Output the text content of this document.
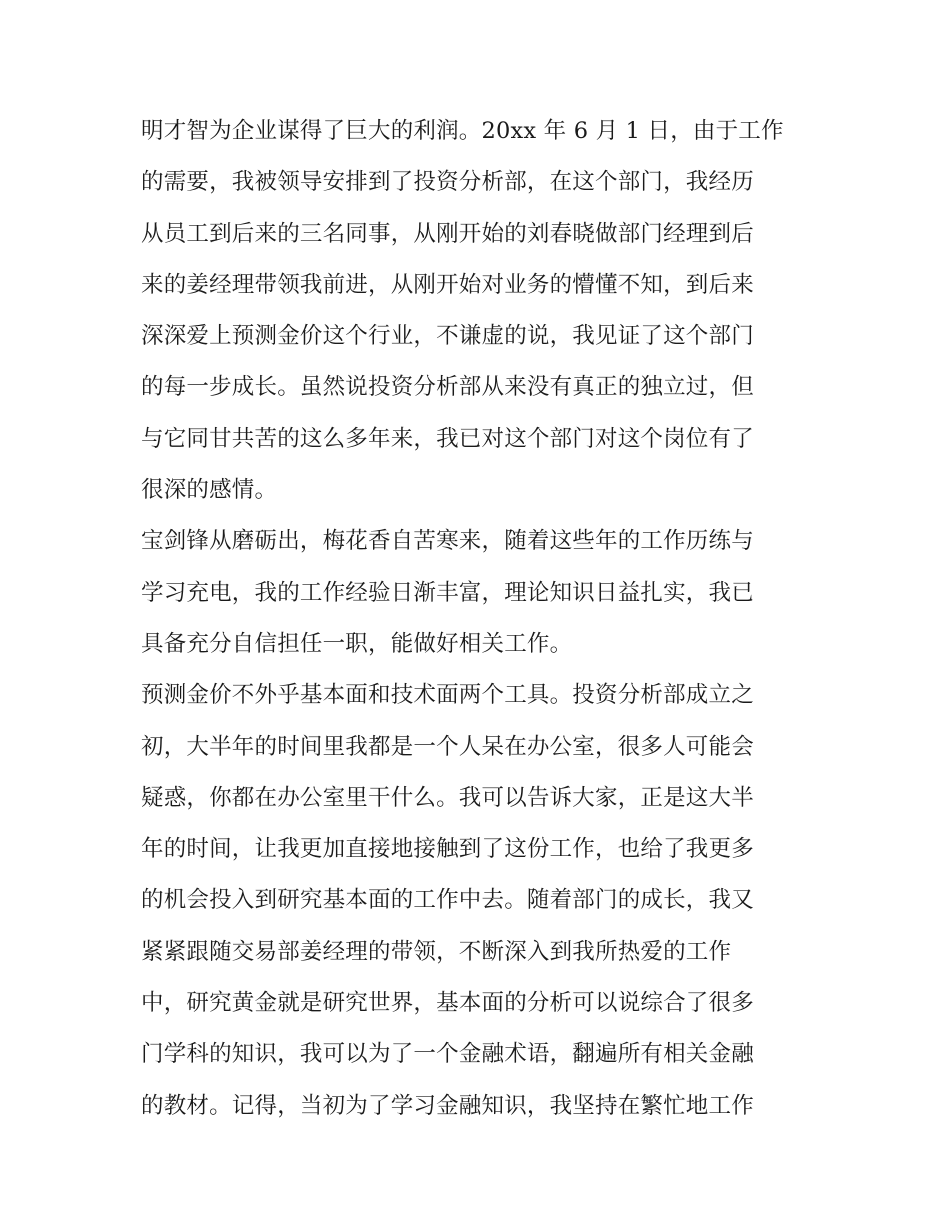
明才智为企业谋得了巨大的利润。20xx 年 6 月 1 日，由于工作
的需要，我被领导安排到了投资分析部，在这个部门，我经历
从员工到后来的三名同事，从刚开始的刘春晓做部门经理到后
来的姜经理带领我前进，从刚开始对业务的懵懂不知，到后来
深深爱上预测金价这个行业，不谦虚的说，我见证了这个部门
的每一步成长。虽然说投资分析部从来没有真正的独立过，但
与它同甘共苦的这么多年来，我已对这个部门对这个岗位有了
很深的感情。

宝剑锋从磨砺出，梅花香自苦寒来，随着这些年的工作历练与
学习充电，我的工作经验日渐丰富，理论知识日益扎实，我已
具备充分自信担任一职，能做好相关工作。

预测金价不外乎基本面和技术面两个工具。投资分析部成立之
初，大半年的时间里我都是一个人呆在办公室，很多人可能会
疑惑，你都在办公室里干什么。我可以告诉大家，正是这大半
年的时间，让我更加直接地接触到了这份工作，也给了我更多
的机会投入到研究基本面的工作中去。随着部门的成长，我又
紧紧跟随交易部姜经理的带领，不断深入到我所热爱的工作
中，研究黄金就是研究世界，基本面的分析可以说综合了很多
门学科的知识，我可以为了一个金融术语，翻遍所有相关金融
的教材。记得，当初为了学习金融知识，我坚持在繁忙地工作
